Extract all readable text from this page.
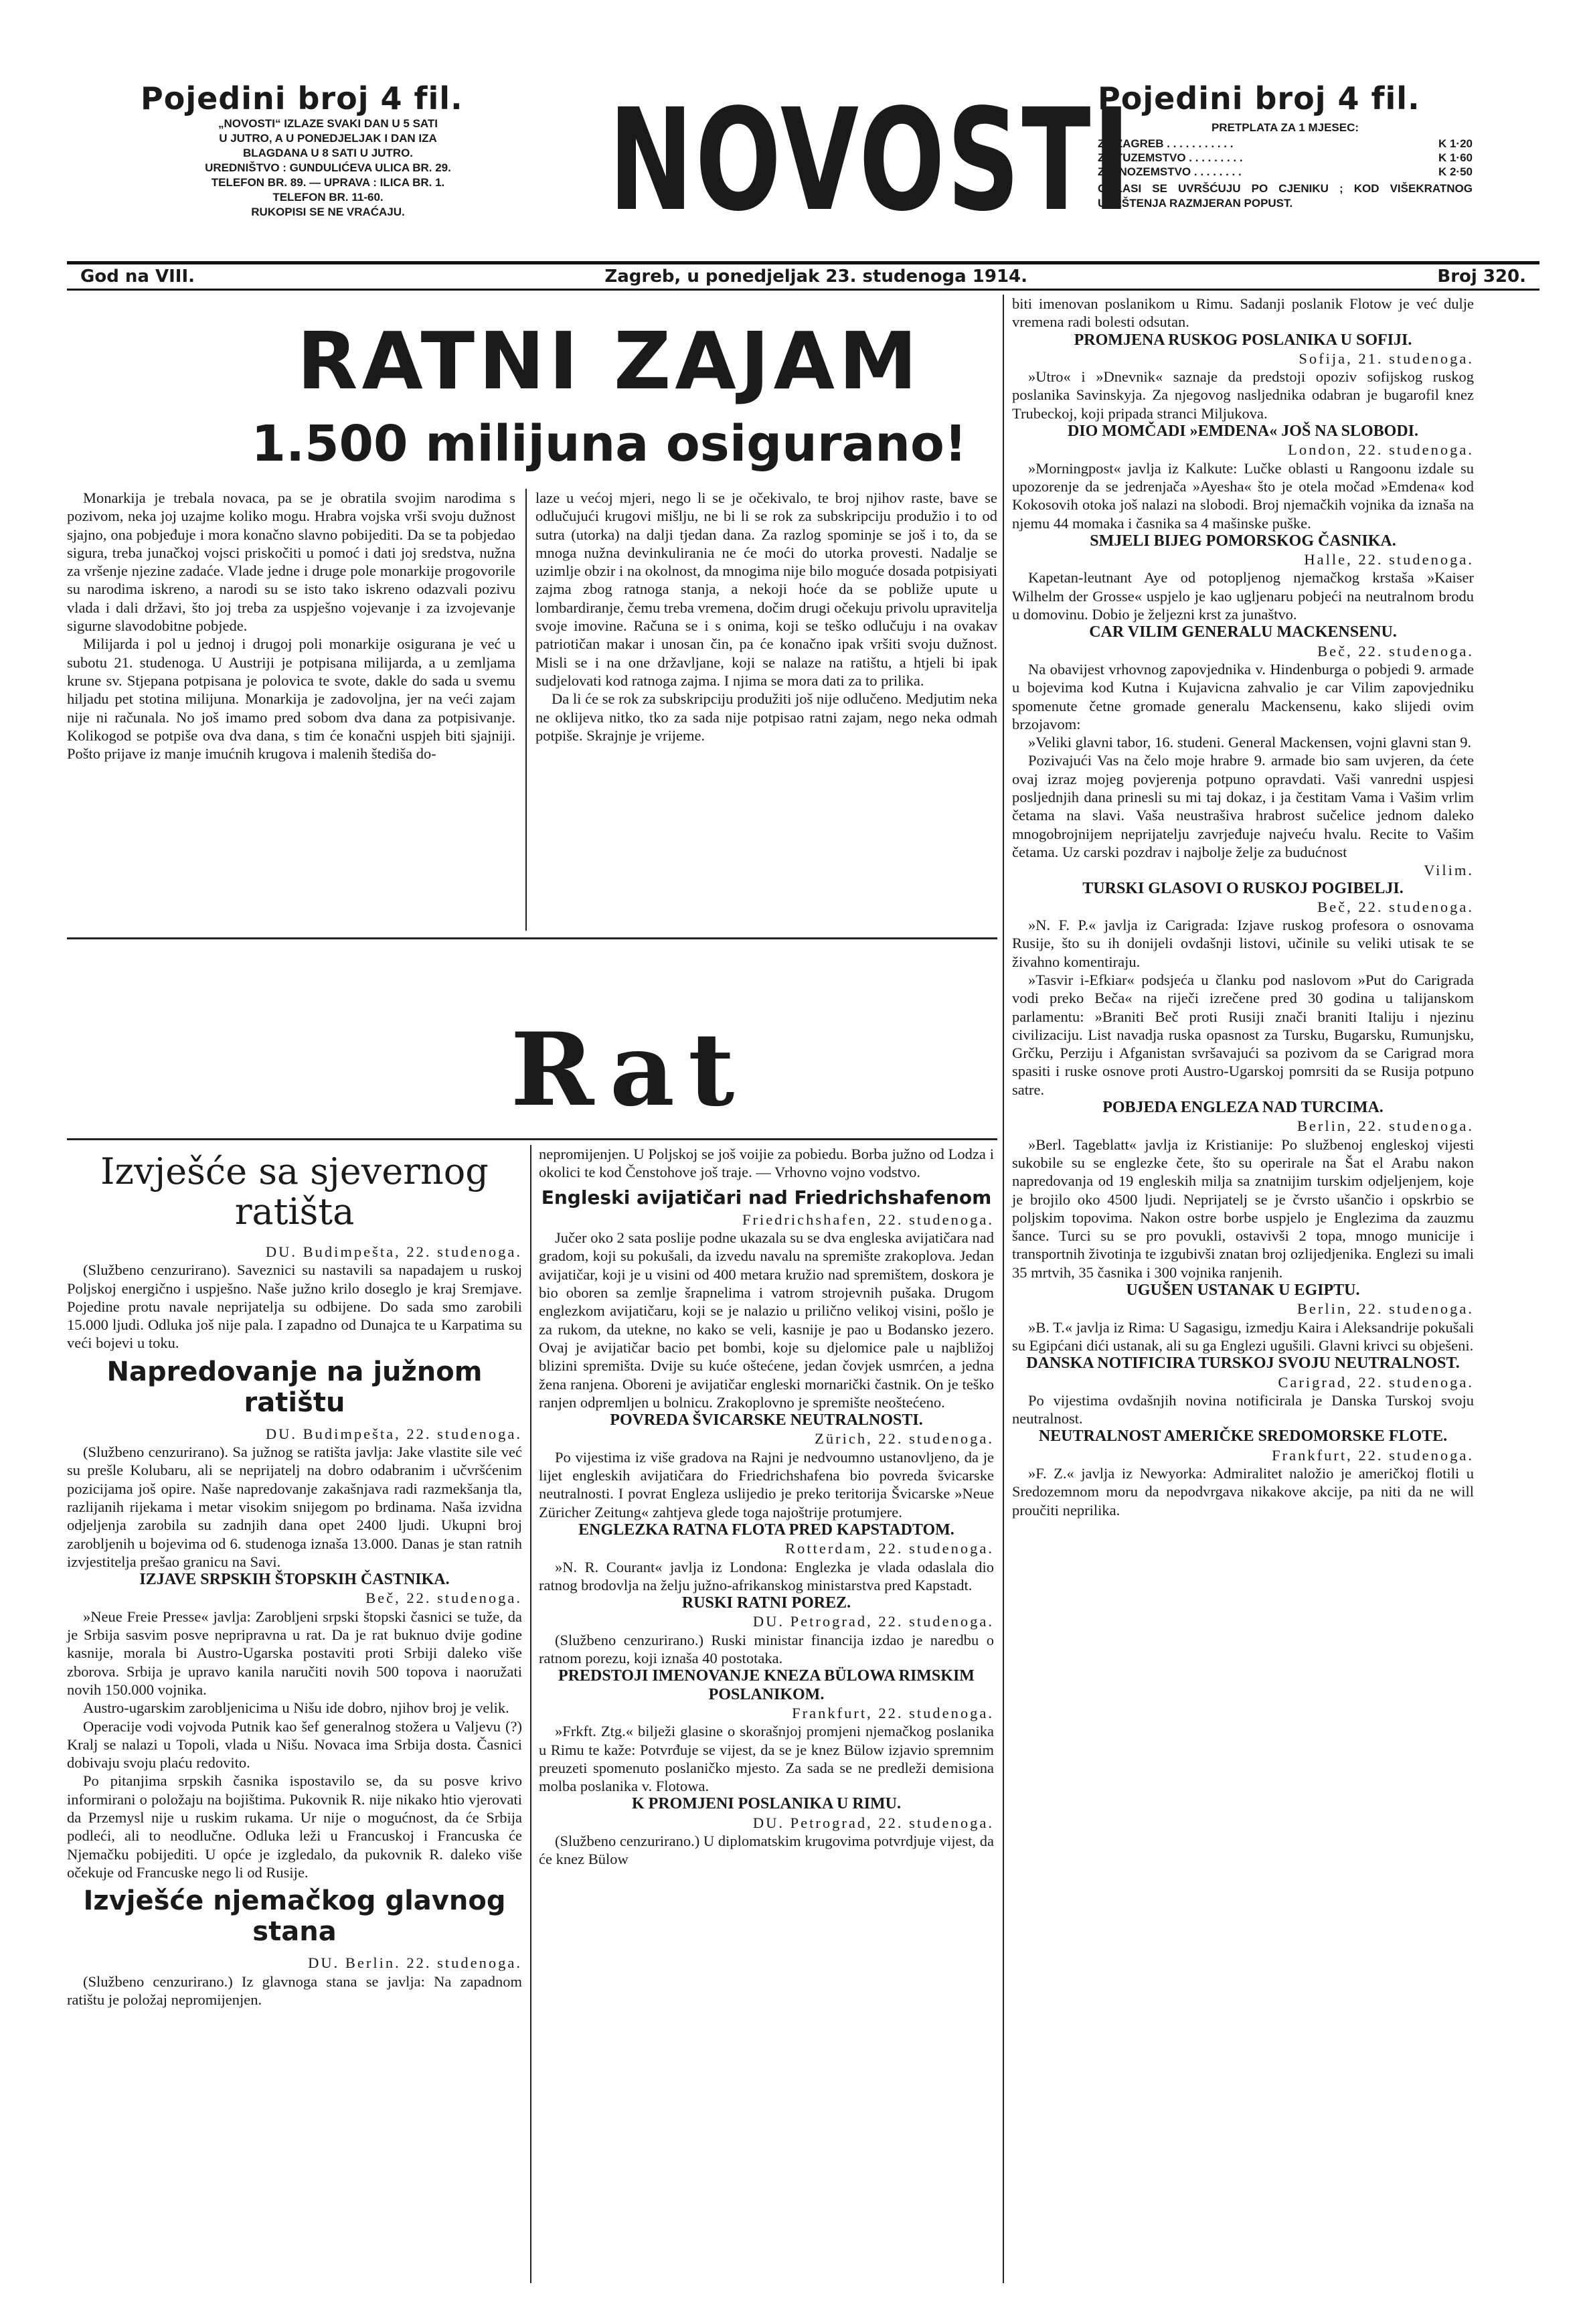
Pojedini broj 4 fil.
„NOVOSTI“ IZLAZE SVAKI DAN U 5 SATI
U JUTRO, A U PONEDJELJAK I DAN IZA
BLAGDANA U 8 SATI U JUTRO.
UREDNIŠTVO : GUNDULIĆEVA ULICA BR. 29.
TELEFON BR. 89. — UPRAVA : ILICA BR. 1.
TELEFON BR. 11-60.
RUKOPISI SE NE VRAĆAJU.	NOVOSTI
Pojedini broj 4 fil.
PRETPLATA ZA 1 MJESEC:
ZA ZAGREB . . . . . . . . . . .	K 1·20
ZA TUZEMSTVO . . . . . . . . .	K 1·60
ZA INOZEMSTVO . . . . . . . .	K 2·50
OGLASI SE UVRŠĆUJU PO CJENIKU ; KOD VIŠEKRATNOG UVRŠTENJA RAZMJERAN POPUST.
God na VIII.	Zagreb, u ponedjeljak 23. studenoga 1914.	Broj 320.
RATNI ZAJAM
1.500 milijuna osigurano!

Monarkija je trebala novaca, pa se je obratila svojim narodima s pozivom, neka joj uzajme koliko mogu. Hrabra vojska vrši svoju dužnost sjajno, ona pobjeđuje i mora konačno slavno pobijediti. Da se ta pobjedao sigura, treba junačkoj vojsci priskočiti u pomoć i dati joj sredstva, nužna za vršenje njezine zadaće. Vlade jedne i druge pole monarkije progovorile su narodima iskreno, a narodi su se isto tako iskreno odazvali pozivu vlada i dali državi, što joj treba za uspješno vojevanje i za izvojevanje sigurne slavodobitne pobjede.

Milijarda i pol u jednoj i drugoj poli monarkije osigurana je već u subotu 21. studenoga. U Austriji je potpisana milijarda, a u zemljama krune sv. Stjepana potpisana je polovica te svote, dakle do sada u svemu hiljadu pet stotina milijuna. Monarkija je zadovoljna, jer na veći zajam nije ni računala. No još imamo pred sobom dva dana za potpisivanje. Kolikogod se potpiše ova dva dana, s tim će konačni uspjeh biti sjajniji. Pošto prijave iz manje imućnih krugova i malenih štediša do-

laze u većoj mjeri, nego li se je očekivalo, te broj njihov raste, bave se odlučujući krugovi mišlju, ne bi li se rok za subskripciju produžio i to od sutra (utorka) na dalji tjedan dana. Za razlog spominje se još i to, da se mnoga nužna devinkulirania ne će moći do utorka provesti. Nadalje se uzimlje obzir i na okolnost, da mnogima nije bilo moguće dosada potpisiyati zajma zbog ratnoga stanja, a nekoji hoće da se pobliže upute u lombardiranje, čemu treba vremena, dočim drugi očekuju privolu upravitelja svoje imovine. Računa se i s onima, koji se teško odlučuju i na ovakav patriotičan makar i unosan čin, pa će konačno ipak vršiti svoju dužnost. Misli se i na one državljane, koji se nalaze na ratištu, a htjeli bi ipak sudjelovati kod ratnoga zajma. I njima se mora dati za to prilika.

Da li će se rok za subskripciju produžiti još nije odlučeno. Medjutim neka ne oklijeva nitko, tko za sada nije potpisao ratni zajam, nego neka odmah potpiše. Skrajnje je vrijeme.

Rat
Izvješće sa sjevernog ratišta

DU. Budimpešta, 22. studenoga.

(Službeno cenzurirano). Saveznici su nastavili sa napadajem u ruskoj Poljskoj energično i uspješno. Naše južno krilo doseglo je kraj Sremjave. Pojedine protu navale neprijatelja su odbijene. Do sada smo zarobili 15.000 ljudi. Odluka još nije pala. I zapadno od Dunajca te u Karpatima su veći bojevi u toku.

Napredovanje na južnom ratištu

DU. Budimpešta, 22. studenoga.

(Službeno cenzurirano). Sa južnog se ratišta javlja: Jake vlastite sile već su prešle Kolubaru, ali se neprijatelj na dobro odabranim i učvršćenim pozicijama još opire. Naše napredovanje zakašnjava radi razmekšanja tla, razlijanih rijekama i metar visokim snijegom po brdinama. Naša izvidna odjeljenja zarobila su zadnjih dana opet 2400 ljudi. Ukupni broj zarobljenih u bojevima od 6. studenoga iznaša 13.000. Danas je stan ratnih izvjestitelja prešao granicu na Savi.

IZJAVE SRPSKIH ŠTOPSKIH ČASTNIKA.

Beč, 22. studenoga.

»Neue Freie Presse« javlja: Zarobljeni srpski štopski časnici se tuže, da je Srbija sasvim posve nepripravna u rat. Da je rat buknuo dvije godine kasnije, morala bi Austro-Ugarska postaviti proti Srbiji daleko više zborova. Srbija je upravo kanila naručiti novih 500 topova i naoružati novih 150.000 vojnika.

Austro-ugarskim zarobljenicima u Nišu ide dobro, njihov broj je velik.

Operacije vodi vojvoda Putnik kao šef generalnog stožera u Valjevu (?) Kralj se nalazi u Topoli, vlada u Nišu. Novaca ima Srbija dosta. Časnici dobivaju svoju plaću redovito.

Po pitanjima srpskih časnika ispostavilo se, da su posve krivo informirani o položaju na bojištima. Pukovnik R. nije nikako htio vjerovati da Przemysl nije u ruskim rukama. Ur nije o mogućnost, da će Srbija podleći, ali to neodlučne. Odluka leži u Francuskoj i Francuska će Njemačku pobijediti. U opće je izgledalo, da pukovnik R. daleko više očekuje od Francuske nego li od Rusije.

Izvješće njemačkog glavnog stana

DU. Berlin. 22. studenoga.

(Službeno cenzurirano.) Iz glavnoga stana se javlja: Na zapadnom ratištu je položaj nepromijenjen.

nepromijenjen. U Poljskoj se još voijie za pobiedu. Borba južno od Lodza i okolici te kod Čenstohove još traje. — Vrhovno vojno vodstvo.

Engleski avijatičari nad Friedrichshafenom

Friedrichshafen, 22. studenoga.

Jučer oko 2 sata poslije podne ukazala su se dva engleska avijatičara nad gradom, koji su pokušali, da izvedu navalu na spremište zrakoplova. Jedan avijatičar, koji je u visini od 400 metara kružio nad spremištem, doskora je bio oboren sa zemlje šrapnelima i vatrom strojevnih pušaka. Drugom englezkom avijatičaru, koji se je nalazio u prilično velikoj visini, pošlo je za rukom, da utekne, no kako se veli, kasnije je pao u Bodansko jezero. Ovaj je avijatičar bacio pet bombi, koje su djelomice pale u najbližoj blizini spremišta. Dvije su kuće oštećene, jedan čovjek usmrćen, a jedna žena ranjena. Oboreni je avijatičar engleski mornarički častnik. On je teško ranjen odpremljen u bolnicu. Zrakoplovno je spremište neoštećeno.

POVREDA ŠVICARSKE NEUTRALNOSTI.

Zürich, 22. studenoga.

Po vijestima iz više gradova na Rajni je nedvoumno ustanovljeno, da je lijet engleskih avijatičara do Friedrichshafena bio povreda švicarske neutralnosti. I povrat Engleza uslijedio je preko teritorija Švicarske »Neue Züricher Zeitung« zahtjeva glede toga najoštrije protumjere.

ENGLEZKA RATNA FLOTA PRED KAPSTADTOM.

Rotterdam, 22. studenoga.

»N. R. Courant« javlja iz Londona: Englezka je vlada odaslala dio ratnog brodovlja na želju južno-afrikanskog ministarstva pred Kapstadt.

RUSKI RATNI POREZ.

DU. Petrograd, 22. studenoga.

(Službeno cenzurirano.) Ruski ministar financija izdao je naredbu o ratnom porezu, koji iznaša 40 postotaka.

PREDSTOJI IMENOVANJE KNEZA BÜLOWA RIMSKIM POSLANIKOM.

Frankfurt, 22. studenoga.

»Frkft. Ztg.« bilježi glasine o skorašnjoj promjeni njemačkog poslanika u Rimu te kaže: Potvrđuje se vijest, da se je knez Bülow izjavio spremnim preuzeti spomenuto poslaničko mjesto. Za sada se ne predleži demisiona molba poslanika v. Flotowa.

K PROMJENI POSLANIKA U RIMU.

DU. Petrograd, 22. studenoga.

(Službeno cenzurirano.) U diplomatskim krugovima potvrdjuje vijest, da će knez Bülow

biti imenovan poslanikom u Rimu. Sadanji poslanik Flotow je već dulje vremena radi bolesti odsutan.

PROMJENA RUSKOG POSLANIKA U SOFIJI.

Sofija, 21. studenoga.

»Utro« i »Dnevnik« saznaje da predstoji opoziv sofijskog ruskog poslanika Savinskyja. Za njegovog nasljednika odabran je bugarofil knez Trubeckoj, koji pripada stranci Miljukova.

DIO MOMČADI »EMDENA« JOŠ NA SLOBODI.

London, 22. studenoga.

»Morningpost« javlja iz Kalkute: Lučke oblasti u Rangoonu izdale su upozorenje da se jedrenjača »Ayesha« što je otela močad »Emdena« kod Kokosovih otoka još nalazi na slobodi. Broj njemačkih vojnika da iznaša na njemu 44 momaka i časnika sa 4 mašinske puške.

SMJELI BIJEG POMORSKOG ČASNIKA.

Halle, 22. studenoga.

Kapetan-leutnant Aye od potopljenog njemačkog krstaša »Kaiser Wilhelm der Grosse« uspjelo je kao ugljenaru pobjeći na neutralnom brodu u domovinu. Dobio je željezni krst za junaštvo.

CAR VILIM GENERALU MACKENSENU.

Beč, 22. studenoga.

Na obavijest vrhovnog zapovjednika v. Hindenburga o pobjedi 9. armade u bojevima kod Kutna i Kujavicna zahvalio je car Vilim zapovjedniku spomenute četne gromade generalu Mackensenu, kako slijedi ovim brzojavom:

»Veliki glavni tabor, 16. studeni. General Mackensen, vojni glavni stan 9.

Pozivajući Vas na čelo moje hrabre 9. armade bio sam uvjeren, da ćete ovaj izraz mojeg povjerenja potpuno opravdati. Vaši vanredni uspjesi posljednjih dana prinesli su mi taj dokaz, i ja čestitam Vama i Vašim vrlim četama na slavi. Vaša neustrašiva hrabrost sučelice jednom daleko mnogobrojnijem neprijatelju zavrjeđuje najveću hvalu. Recite to Vašim četama. Uz carski pozdrav i najbolje želje za budućnost

Vilim.

TURSKI GLASOVI O RUSKOJ POGIBELJI.

Beč, 22. studenoga.

»N. F. P.« javlja iz Carigrada: Izjave ruskog profesora o osnovama Rusije, što su ih donijeli ovdašnji listovi, učinile su veliki utisak te se živahno komentiraju.

»Tasvir i-Efkiar« podsjeća u članku pod naslovom »Put do Carigrada vodi preko Beča« na riječi izrečene pred 30 godina u talijanskom parlamentu: »Braniti Beč proti Rusiji znači braniti Italiju i njezinu civilizaciju. List navadja ruska opasnost za Tursku, Bugarsku, Rumunjsku, Grčku, Perziju i Afganistan svršavajući sa pozivom da se Carigrad mora spasiti i ruske osnove proti Austro-Ugarskoj pomrsiti da se Rusija potpuno satre.

POBJEDA ENGLEZA NAD TURCIMA.

Berlin, 22. studenoga.

»Berl. Tageblatt« javlja iz Kristianije: Po službenoj engleskoj vijesti sukobile su se englezke čete, što su operirale na Šat el Arabu nakon napredovanja od 19 engleskih milja sa znatnijim turskim odjeljenjem, koje je brojilo oko 4500 ljudi. Neprijatelj se je čvrsto ušančio i opskrbio se poljskim topovima. Nakon ostre borbe uspjelo je Englezima da zauzmu šance. Turci su se pro povukli, ostavivši 2 topa, mnogo municije i transportnih životinja te izgubivši znatan broj ozlijedjenika. Englezi su imali 35 mrtvih, 35 časnika i 300 vojnika ranjenih.

UGUŠEN USTANAK U EGIPTU.

Berlin, 22. studenoga.

»B. T.« javlja iz Rima: U Sagasigu, izmedju Kaira i Aleksandrije pokušali su Egipćani dići ustanak, ali su ga Englezi ugušili. Glavni krivci su obješeni.

DANSKA NOTIFICIRA TURSKOJ SVOJU NEUTRALNOST.

Carigrad, 22. studenoga.

Po vijestima ovdašnjih novina notificirala je Danska Turskoj svoju neutralnost.

NEUTRALNOST AMERIČKE SREDOMORSKE FLOTE.

Frankfurt, 22. studenoga.

»F. Z.« javlja iz Newyorka: Admiralitet naložio je američkoj flotili u Sredozemnom moru da nepodvrgava nikakove akcije, pa niti da ne will proučiti neprilika.
